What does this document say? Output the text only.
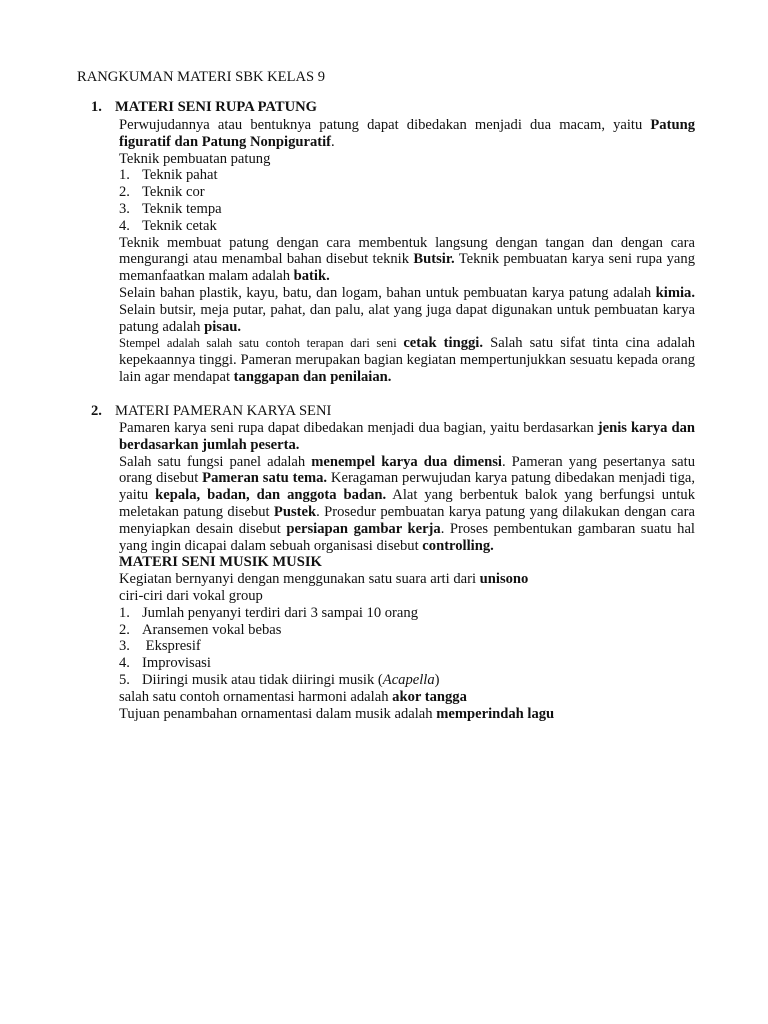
RANGKUMAN MATERI SBK KELAS 9
1. MATERI SENI RUPA PATUNG

Perwujudannya atau bentuknya patung dapat dibedakan menjadi dua macam, yaitu Patung figuratif dan Patung Nonpiguratif.

Teknik pembuatan patung

1. Teknik pahat
2. Teknik cor
3. Teknik tempa
4. Teknik cetak

Teknik membuat patung dengan cara membentuk langsung dengan tangan dan dengan cara mengurangi atau menambal bahan disebut teknik Butsir. Teknik pembuatan karya seni rupa yang memanfaatkan malam adalah batik.

Selain bahan plastik, kayu, batu, dan logam, bahan untuk pembuatan karya patung adalah kimia. Selain butsir, meja putar, pahat, dan palu, alat yang juga dapat digunakan untuk pembuatan karya patung adalah pisau.

Stempel adalah salah satu contoh terapan dari seni cetak tinggi. Salah satu sifat tinta cina adalah kepekaannya tinggi. Pameran merupakan bagian kegiatan mempertunjukkan sesuatu kepada orang lain agar mendapat tanggapan dan penilaian.

2. MATERI PAMERAN KARYA SENI

Pamaren karya seni rupa dapat dibedakan menjadi dua bagian, yaitu berdasarkan jenis karya dan berdasarkan jumlah peserta.

Salah satu fungsi panel adalah menempel karya dua dimensi. Pameran yang pesertanya satu orang disebut Pameran satu tema. Keragaman perwujudan karya patung dibedakan menjadi tiga, yaitu kepala, badan, dan anggota badan. Alat yang berbentuk balok yang berfungsi untuk meletakan patung disebut Pustek. Prosedur pembuatan karya patung yang dilakukan dengan cara menyiapkan desain disebut persiapan gambar kerja. Proses pembentukan gambaran suatu hal yang ingin dicapai dalam sebuah organisasi disebut controlling.

MATERI SENI MUSIK MUSIK

Kegiatan bernyanyi dengan menggunakan satu suara arti dari unisono

ciri-ciri dari vokal group

1. Jumlah penyanyi terdiri dari 3 sampai 10 orang
2. Aransemen vokal bebas
3. Ekspresif
4. Improvisasi
5. Diiringi musik atau tidak diiringi musik (Acapella)

salah satu contoh ornamentasi harmoni adalah akor tangga

Tujuan penambahan ornamentasi dalam musik adalah memperindah lagu
